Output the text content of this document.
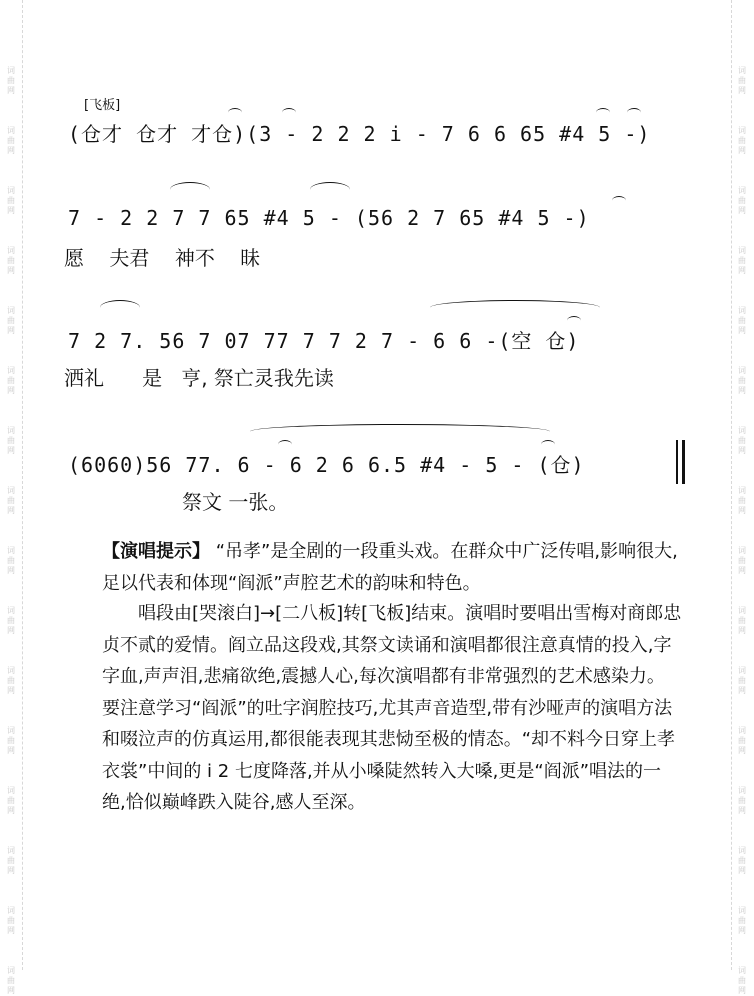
词
曲
网
词
曲
网
词
曲
网
词
曲
网
词
曲
网
词
曲
网
词
曲
网
词
曲
网
词
曲
网
词
曲
网
词
曲
网
词
曲
网
词
曲
网
词
曲
网
词
曲
网
词
曲
网
词
曲
网
词
曲
网
词
曲
网
词
曲
网
词
曲
网
词
曲
网
词
曲
网
词
曲
网
词
曲
网
词
曲
网
词
曲
网
词
曲
网
词
曲
网
词
曲
网
词
曲
网
词
曲
网
[飞板]
(仓才 仓才 才仓)(3 - 2 2 2 i - 7 6 6 65 #4 5 -)
7 - 2 2 7 7 65 #4 5 - (56 2 7 65 #4 5 -)
愿    夫君    神不    昧
7 2 7. 56 7 07 77 7 7 2 7 - 6 6 -(空 仓)
洒礼      是   亨, 祭亡灵我先读
(6060)56 77. 6 - 6 2 6 6.5 #4 - 5 - (仓)
祭文 一张。
【演唱提示】 “吊孝”是全剧的一段重头戏。在群众中广泛传唱,影响很大,足以代表和体现“阎派”声腔艺术的韵味和特色。
唱段由[哭滚白]→[二八板]转[飞板]结束。演唱时要唱出雪梅对商郎忠贞不贰的爱情。阎立品这段戏,其祭文读诵和演唱都很注意真情的投入,字字血,声声泪,悲痛欲绝,震撼人心,每次演唱都有非常强烈的艺术感染力。要注意学习“阎派”的吐字润腔技巧,尤其声音造型,带有沙哑声的演唱方法和啜泣声的仿真运用,都很能表现其悲恸至极的情态。“却不料今日穿上孝衣裳”中间的 i 2 七度降落,并从小嗓陡然转入大嗓,更是“阎派”唱法的一绝,恰似巅峰跌入陡谷,感人至深。
